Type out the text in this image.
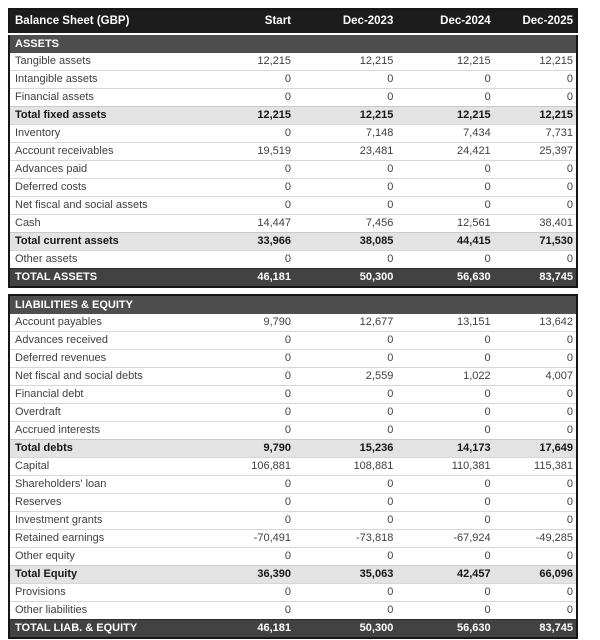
Balance Sheet (GBP)	Start	Dec-2023	Dec-2024	Dec-2025
ASSETS				
Tangible assets	12,215	12,215	12,215	12,215
Intangible assets	0	0	0	0
Financial assets	0	0	0	0
Total fixed assets	12,215	12,215	12,215	12,215
Inventory	0	7,148	7,434	7,731
Account receivables	19,519	23,481	24,421	25,397
Advances paid	0	0	0	0
Deferred costs	0	0	0	0
Net fiscal and social assets	0	0	0	0
Cash	14,447	7,456	12,561	38,401
Total current assets	33,966	38,085	44,415	71,530
Other assets	0	0	0	0
TOTAL ASSETS	46,181	50,300	56,630	83,745
LIABILITIES & EQUITY				
Account payables	9,790	12,677	13,151	13,642
Advances received	0	0	0	0
Deferred revenues	0	0	0	0
Net fiscal and social debts	0	2,559	1,022	4,007
Financial debt	0	0	0	0
Overdraft	0	0	0	0
Accrued interests	0	0	0	0
Total debts	9,790	15,236	14,173	17,649
Capital	106,881	108,881	110,381	115,381
Shareholders' loan	0	0	0	0
Reserves	0	0	0	0
Investment grants	0	0	0	0
Retained earnings	-70,491	-73,818	-67,924	-49,285
Other equity	0	0	0	0
Total Equity	36,390	35,063	42,457	66,096
Provisions	0	0	0	0
Other liabilities	0	0	0	0
TOTAL LIAB. & EQUITY	46,181	50,300	56,630	83,745
